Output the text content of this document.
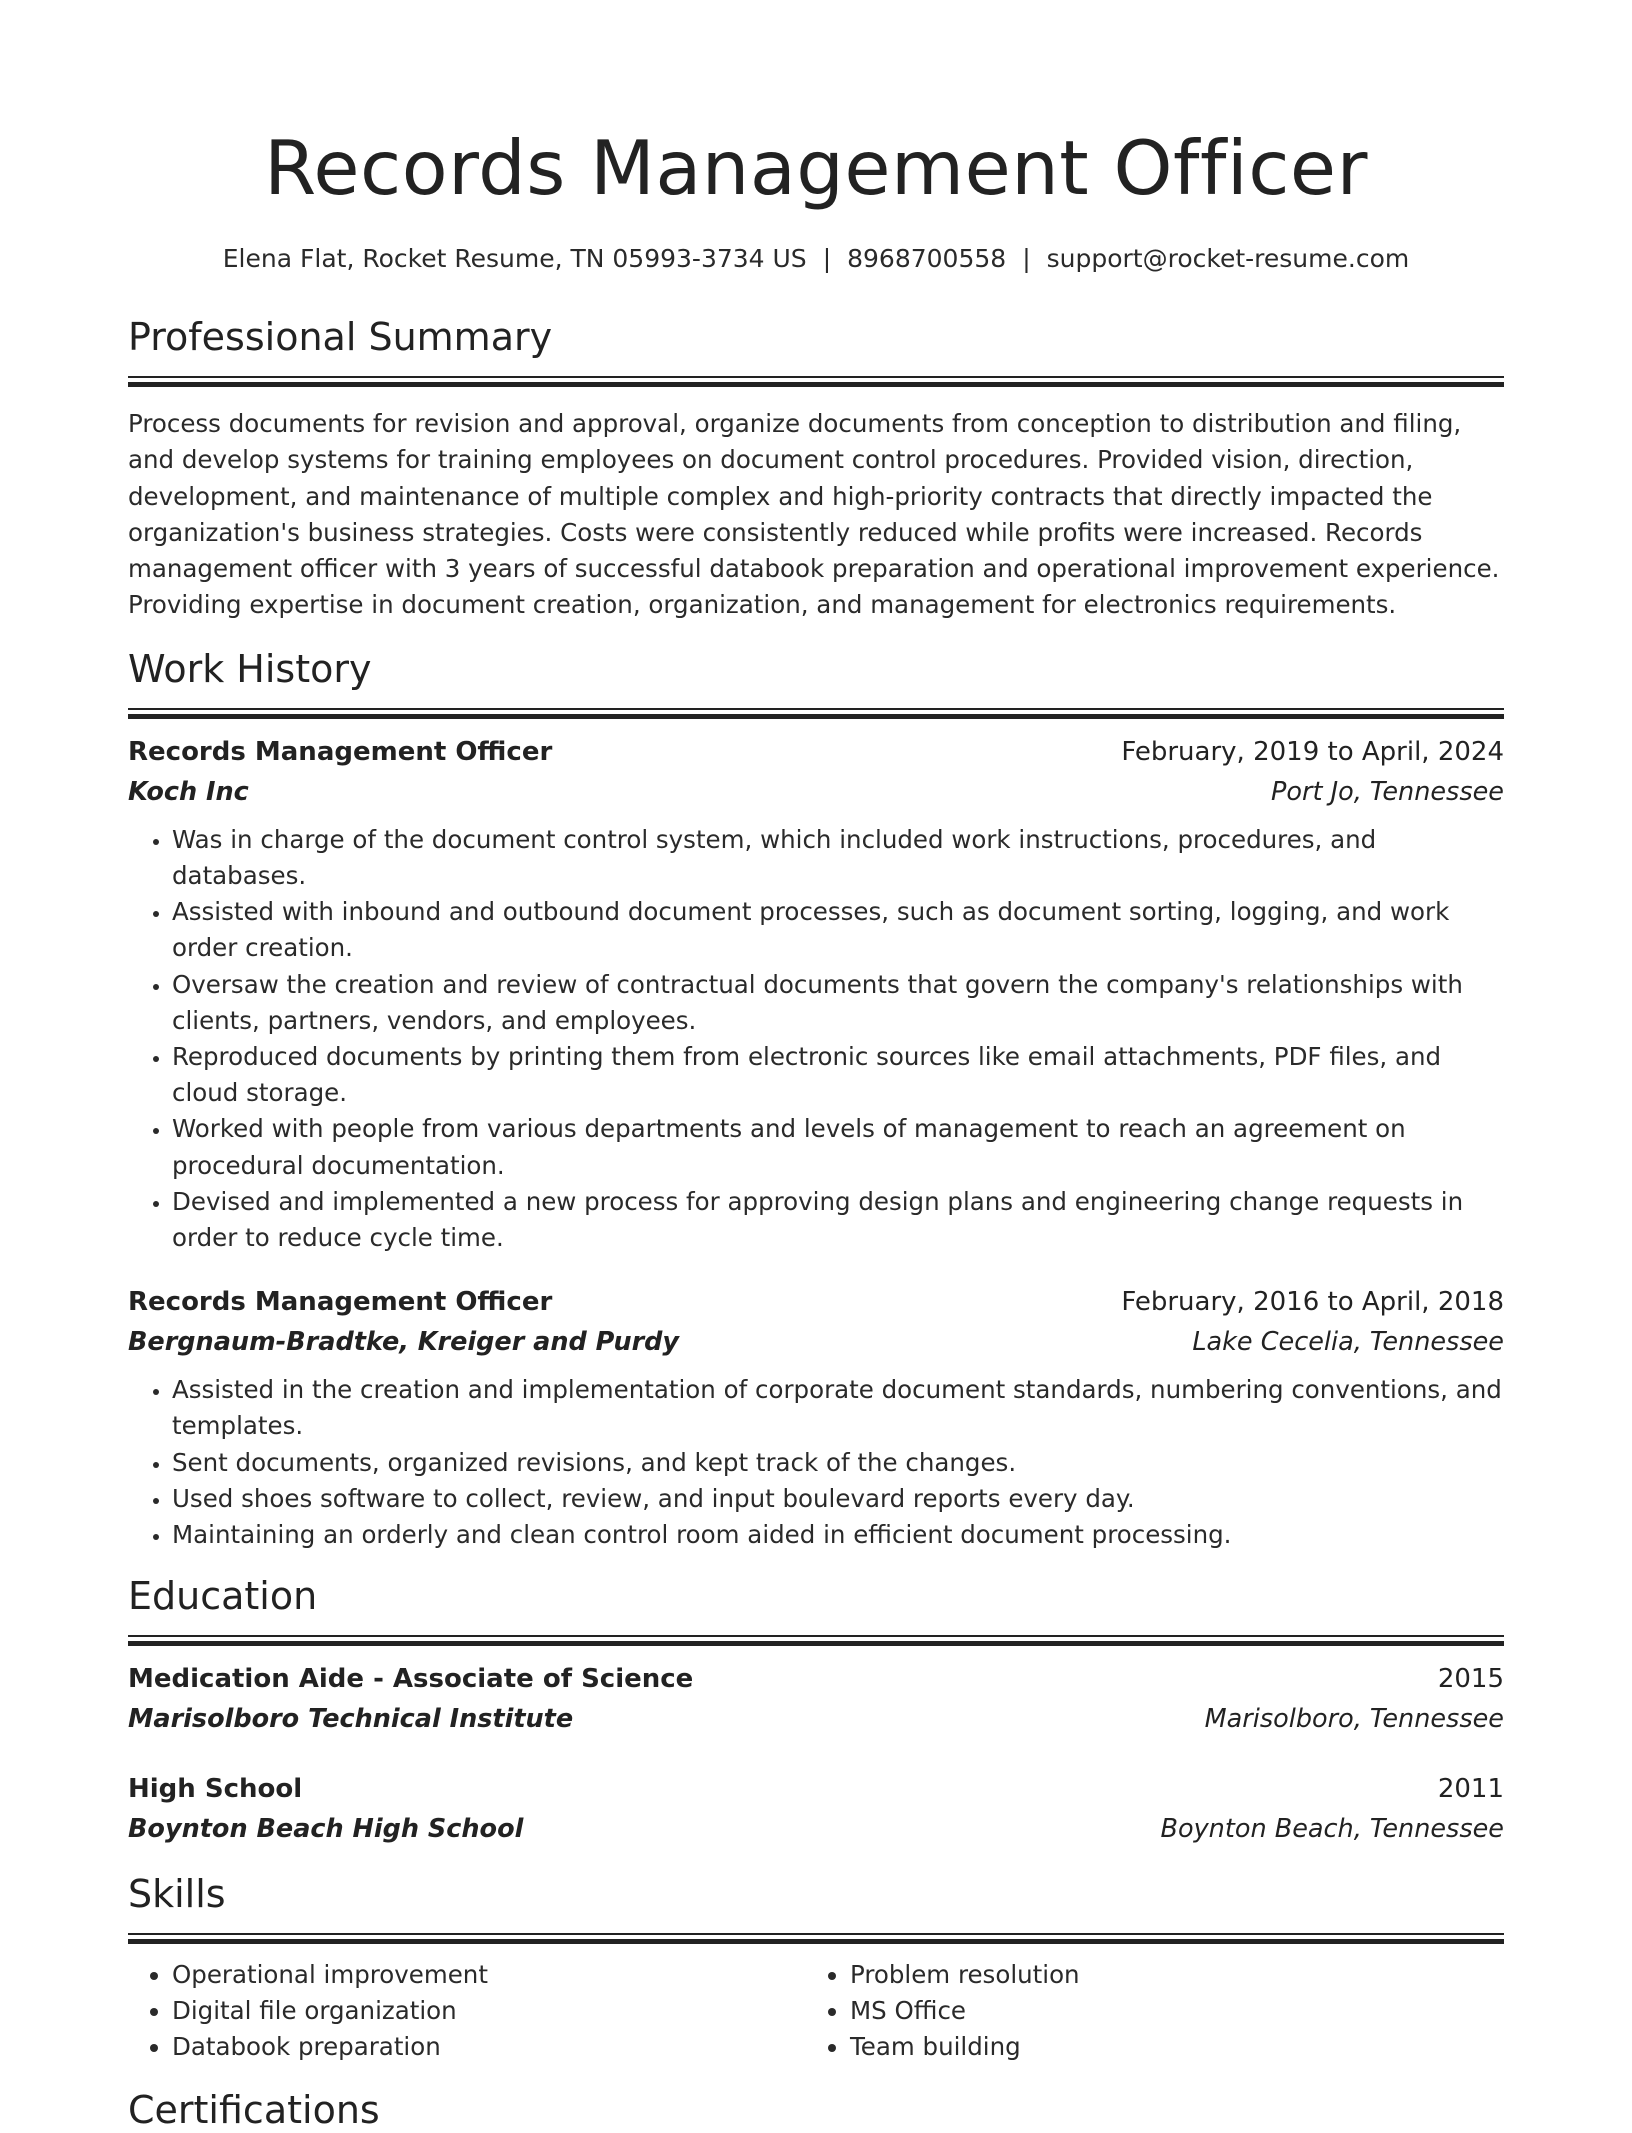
Records Management Officer
Elena Flat, Rocket Resume, TN 05993-3734 US | 8968700558 | support@rocket-resume.com
Professional Summary

Process documents for revision and approval, organize documents from conception to distribution and filing, and develop systems for training employees on document control procedures. Provided vision, direction, development, and maintenance of multiple complex and high-priority contracts that directly impacted the organization's business strategies. Costs were consistently reduced while profits were increased. Records management officer with 3 years of successful databook preparation and operational improvement experience. Providing expertise in document creation, organization, and management for electronics requirements.

Work History
Records Management Officer	February, 2019 to April, 2024
Koch Inc	Port Jo, Tennessee
• Was in charge of the document control system, which included work instructions, procedures, and databases.
• Assisted with inbound and outbound document processes, such as document sorting, logging, and work order creation.
• Oversaw the creation and review of contractual documents that govern the company's relationships with clients, partners, vendors, and employees.
• Reproduced documents by printing them from electronic sources like email attachments, PDF files, and cloud storage.
• Worked with people from various departments and levels of management to reach an agreement on procedural documentation.
• Devised and implemented a new process for approving design plans and engineering change requests in order to reduce cycle time.
Records Management Officer	February, 2016 to April, 2018
Bergnaum-Bradtke, Kreiger and Purdy	Lake Cecelia, Tennessee
• Assisted in the creation and implementation of corporate document standards, numbering conventions, and templates.
• Sent documents, organized revisions, and kept track of the changes.
• Used shoes software to collect, review, and input boulevard reports every day.
• Maintaining an orderly and clean control room aided in efficient document processing.
Education
Medication Aide - Associate of Science	2015
Marisolboro Technical Institute	Marisolboro, Tennessee
High School	2011
Boynton Beach High School	Boynton Beach, Tennessee
Skills
• Operational improvement
• Digital file organization
• Databook preparation
• Problem resolution
• MS Office
• Team building
Certifications
